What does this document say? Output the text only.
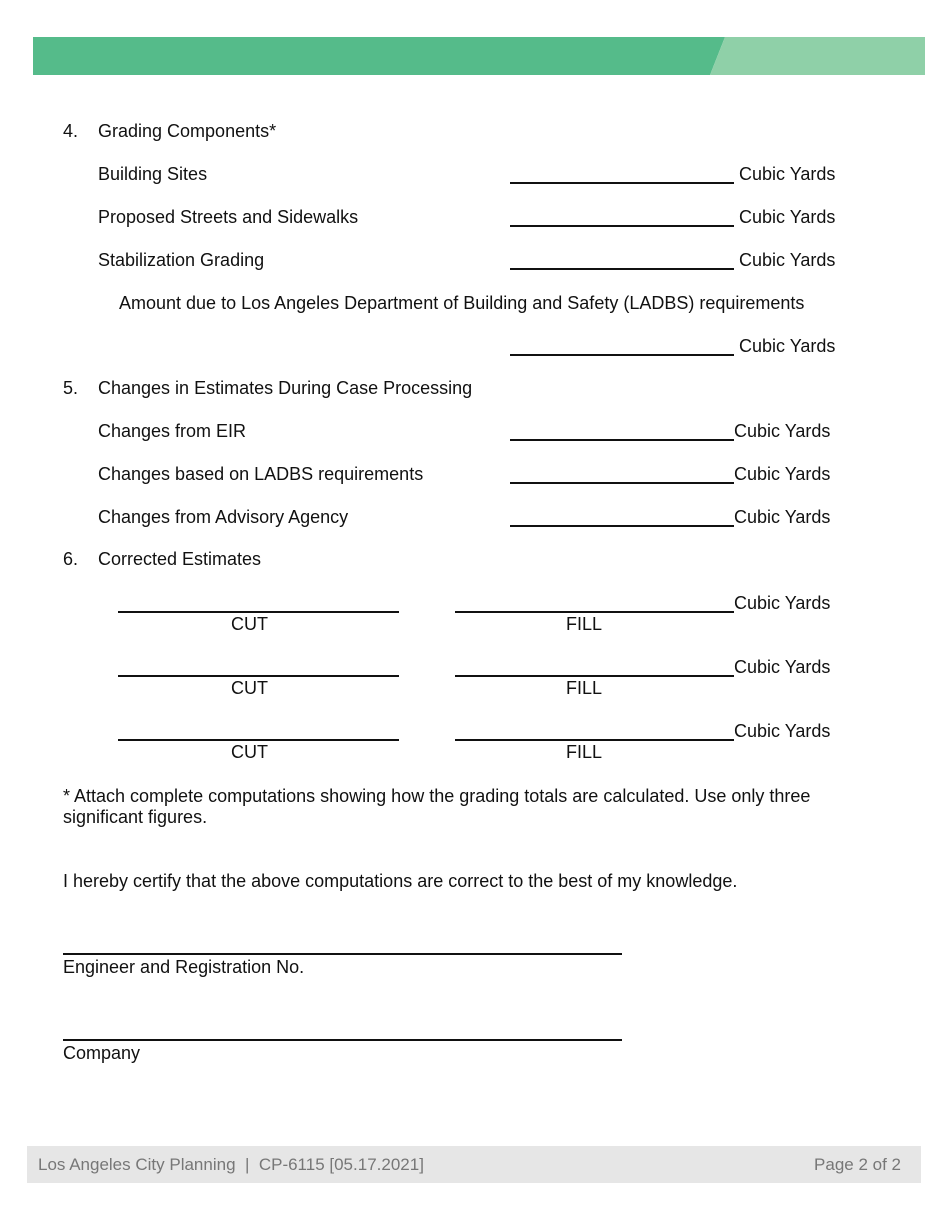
4. Grading Components*
Building Sites	Cubic Yards
Proposed Streets and Sidewalks	Cubic Yards
Stabilization Grading	Cubic Yards
Amount due to Los Angeles Department of Building and Safety (LADBS) requirements
Cubic Yards
5. Changes in Estimates During Case Processing
Changes from EIR	Cubic Yards
Changes based on LADBS requirements	Cubic Yards
Changes from Advisory Agency	Cubic Yards
6. Corrected Estimates
CUT	FILL
Cubic Yards
CUT	FILL
Cubic Yards
CUT	FILL
Cubic Yards
* Attach complete computations showing how the grading totals are calculated. Use only three
significant figures.
I hereby certify that the above computations are correct to the best of my knowledge.
Engineer and Registration No.
Company
Los Angeles City Planning  |  CP-6115 [05.17.2021]	Page 2 of 2
